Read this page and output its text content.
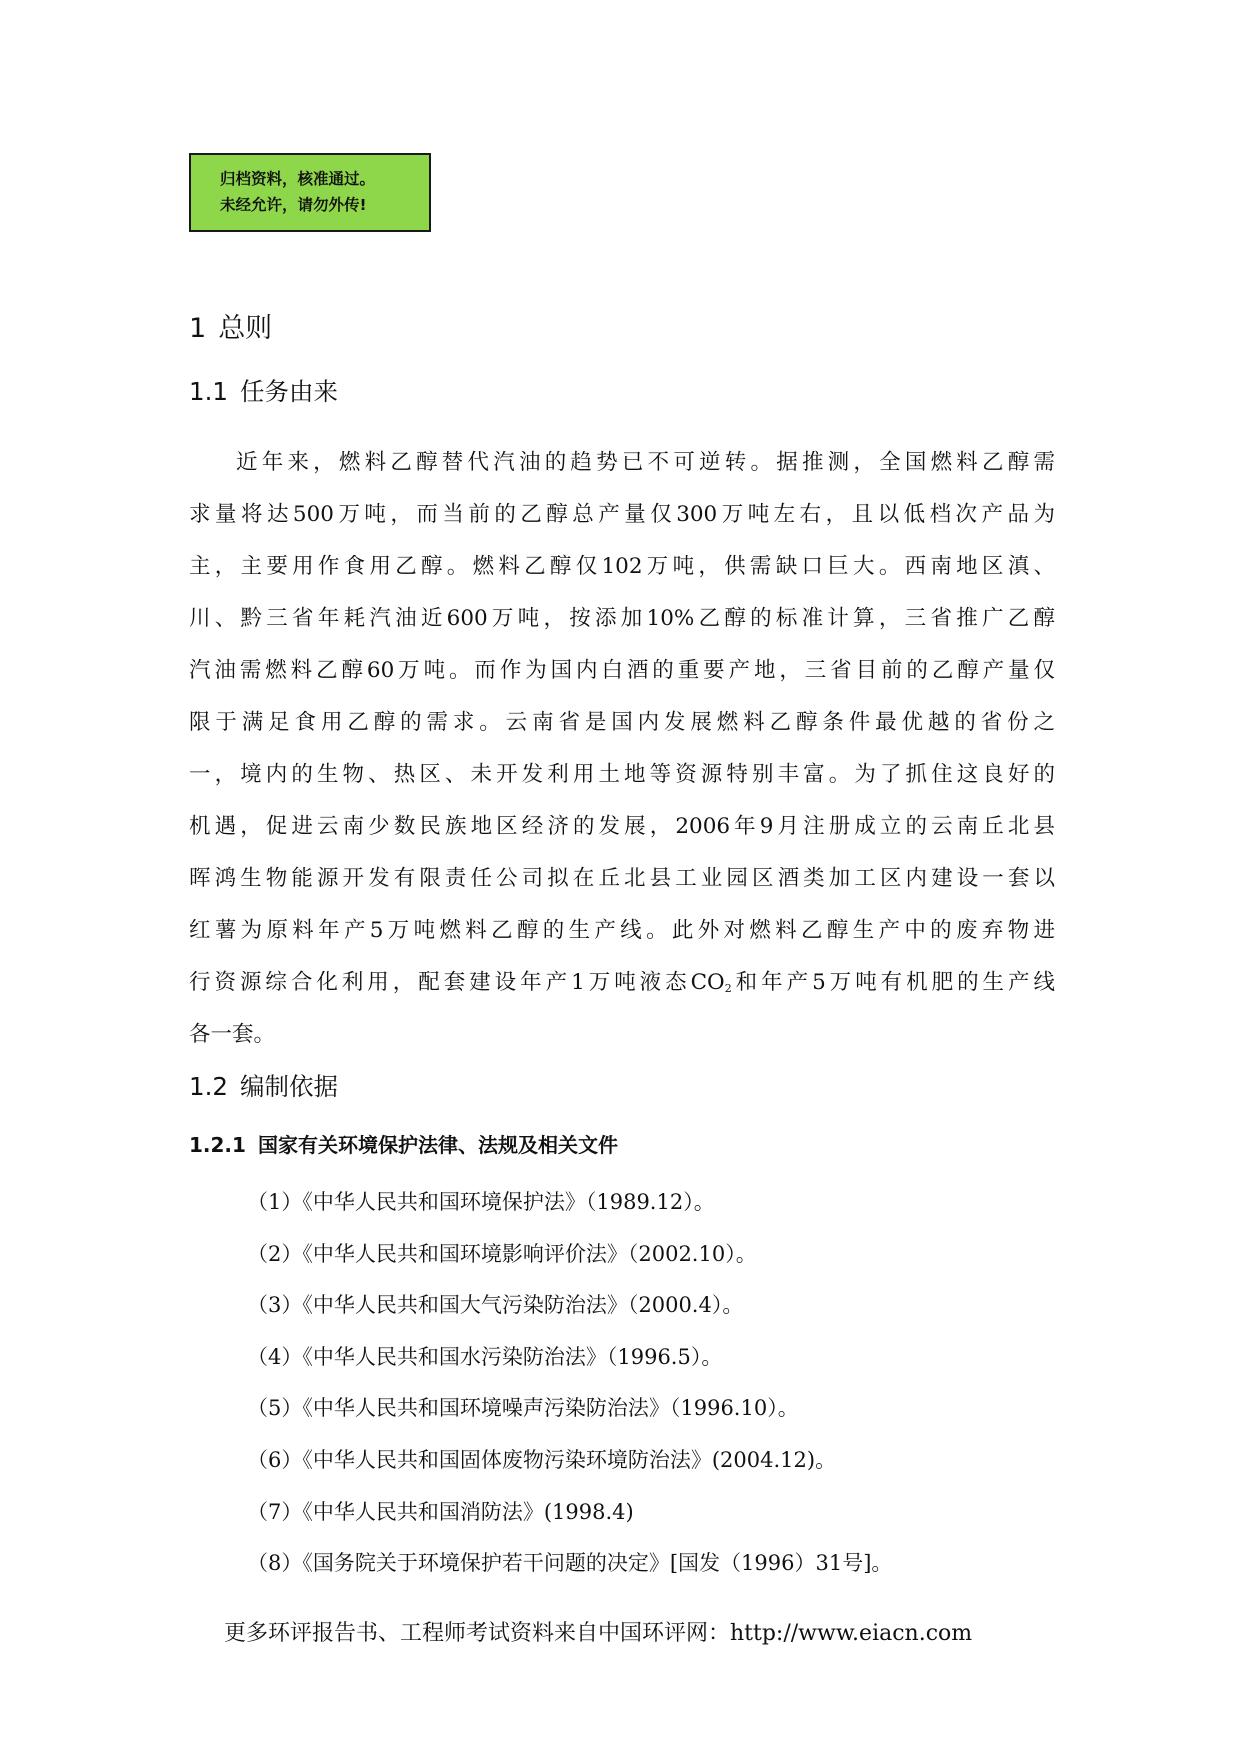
归档资料，核准通过。
未经允许，请勿外传!
1 总则
1.1 任务由来
近年来，燃料乙醇替代汽油的趋势已不可逆转。据推测，全国燃料乙醇需
求量将达500万吨，而当前的乙醇总产量仅300万吨左右，且以低档次产品为
主，主要用作食用乙醇。燃料乙醇仅102万吨，供需缺口巨大。西南地区滇、
川、黔三省年耗汽油近600万吨，按添加10%乙醇的标准计算，三省推广乙醇
汽油需燃料乙醇60万吨。而作为国内白酒的重要产地，三省目前的乙醇产量仅
限于满足食用乙醇的需求。云南省是国内发展燃料乙醇条件最优越的省份之
一，境内的生物、热区、未开发利用土地等资源特别丰富。为了抓住这良好的
机遇，促进云南少数民族地区经济的发展，2006年9月注册成立的云南丘北县
晖鸿生物能源开发有限责任公司拟在丘北县工业园区酒类加工区内建设一套以
红薯为原料年产5万吨燃料乙醇的生产线。此外对燃料乙醇生产中的废弃物进
行资源综合化利用，配套建设年产1万吨液态$CO_2$和年产5万吨有机肥的生产线
各一套。
1.2 编制依据
1.2.1 国家有关环境保护法律、法规及相关文件
（1）《中华人民共和国环境保护法》（1989.12）。
（2）《中华人民共和国环境影响评价法》（2002.10）。
（3）《中华人民共和国大气污染防治法》（2000.4）。
（4）《中华人民共和国水污染防治法》（1996.5）。
（5）《中华人民共和国环境噪声污染防治法》（1996.10）。
（6）《中华人民共和国固体废物污染环境防治法》(2004.12)。
（7）《中华人民共和国消防法》(1998.4)
（8）《国务院关于环境保护若干问题的决定》[国发（1996）31号]。
更多环评报告书、工程师考试资料来自中国环评网：http://www.eiacn.com
